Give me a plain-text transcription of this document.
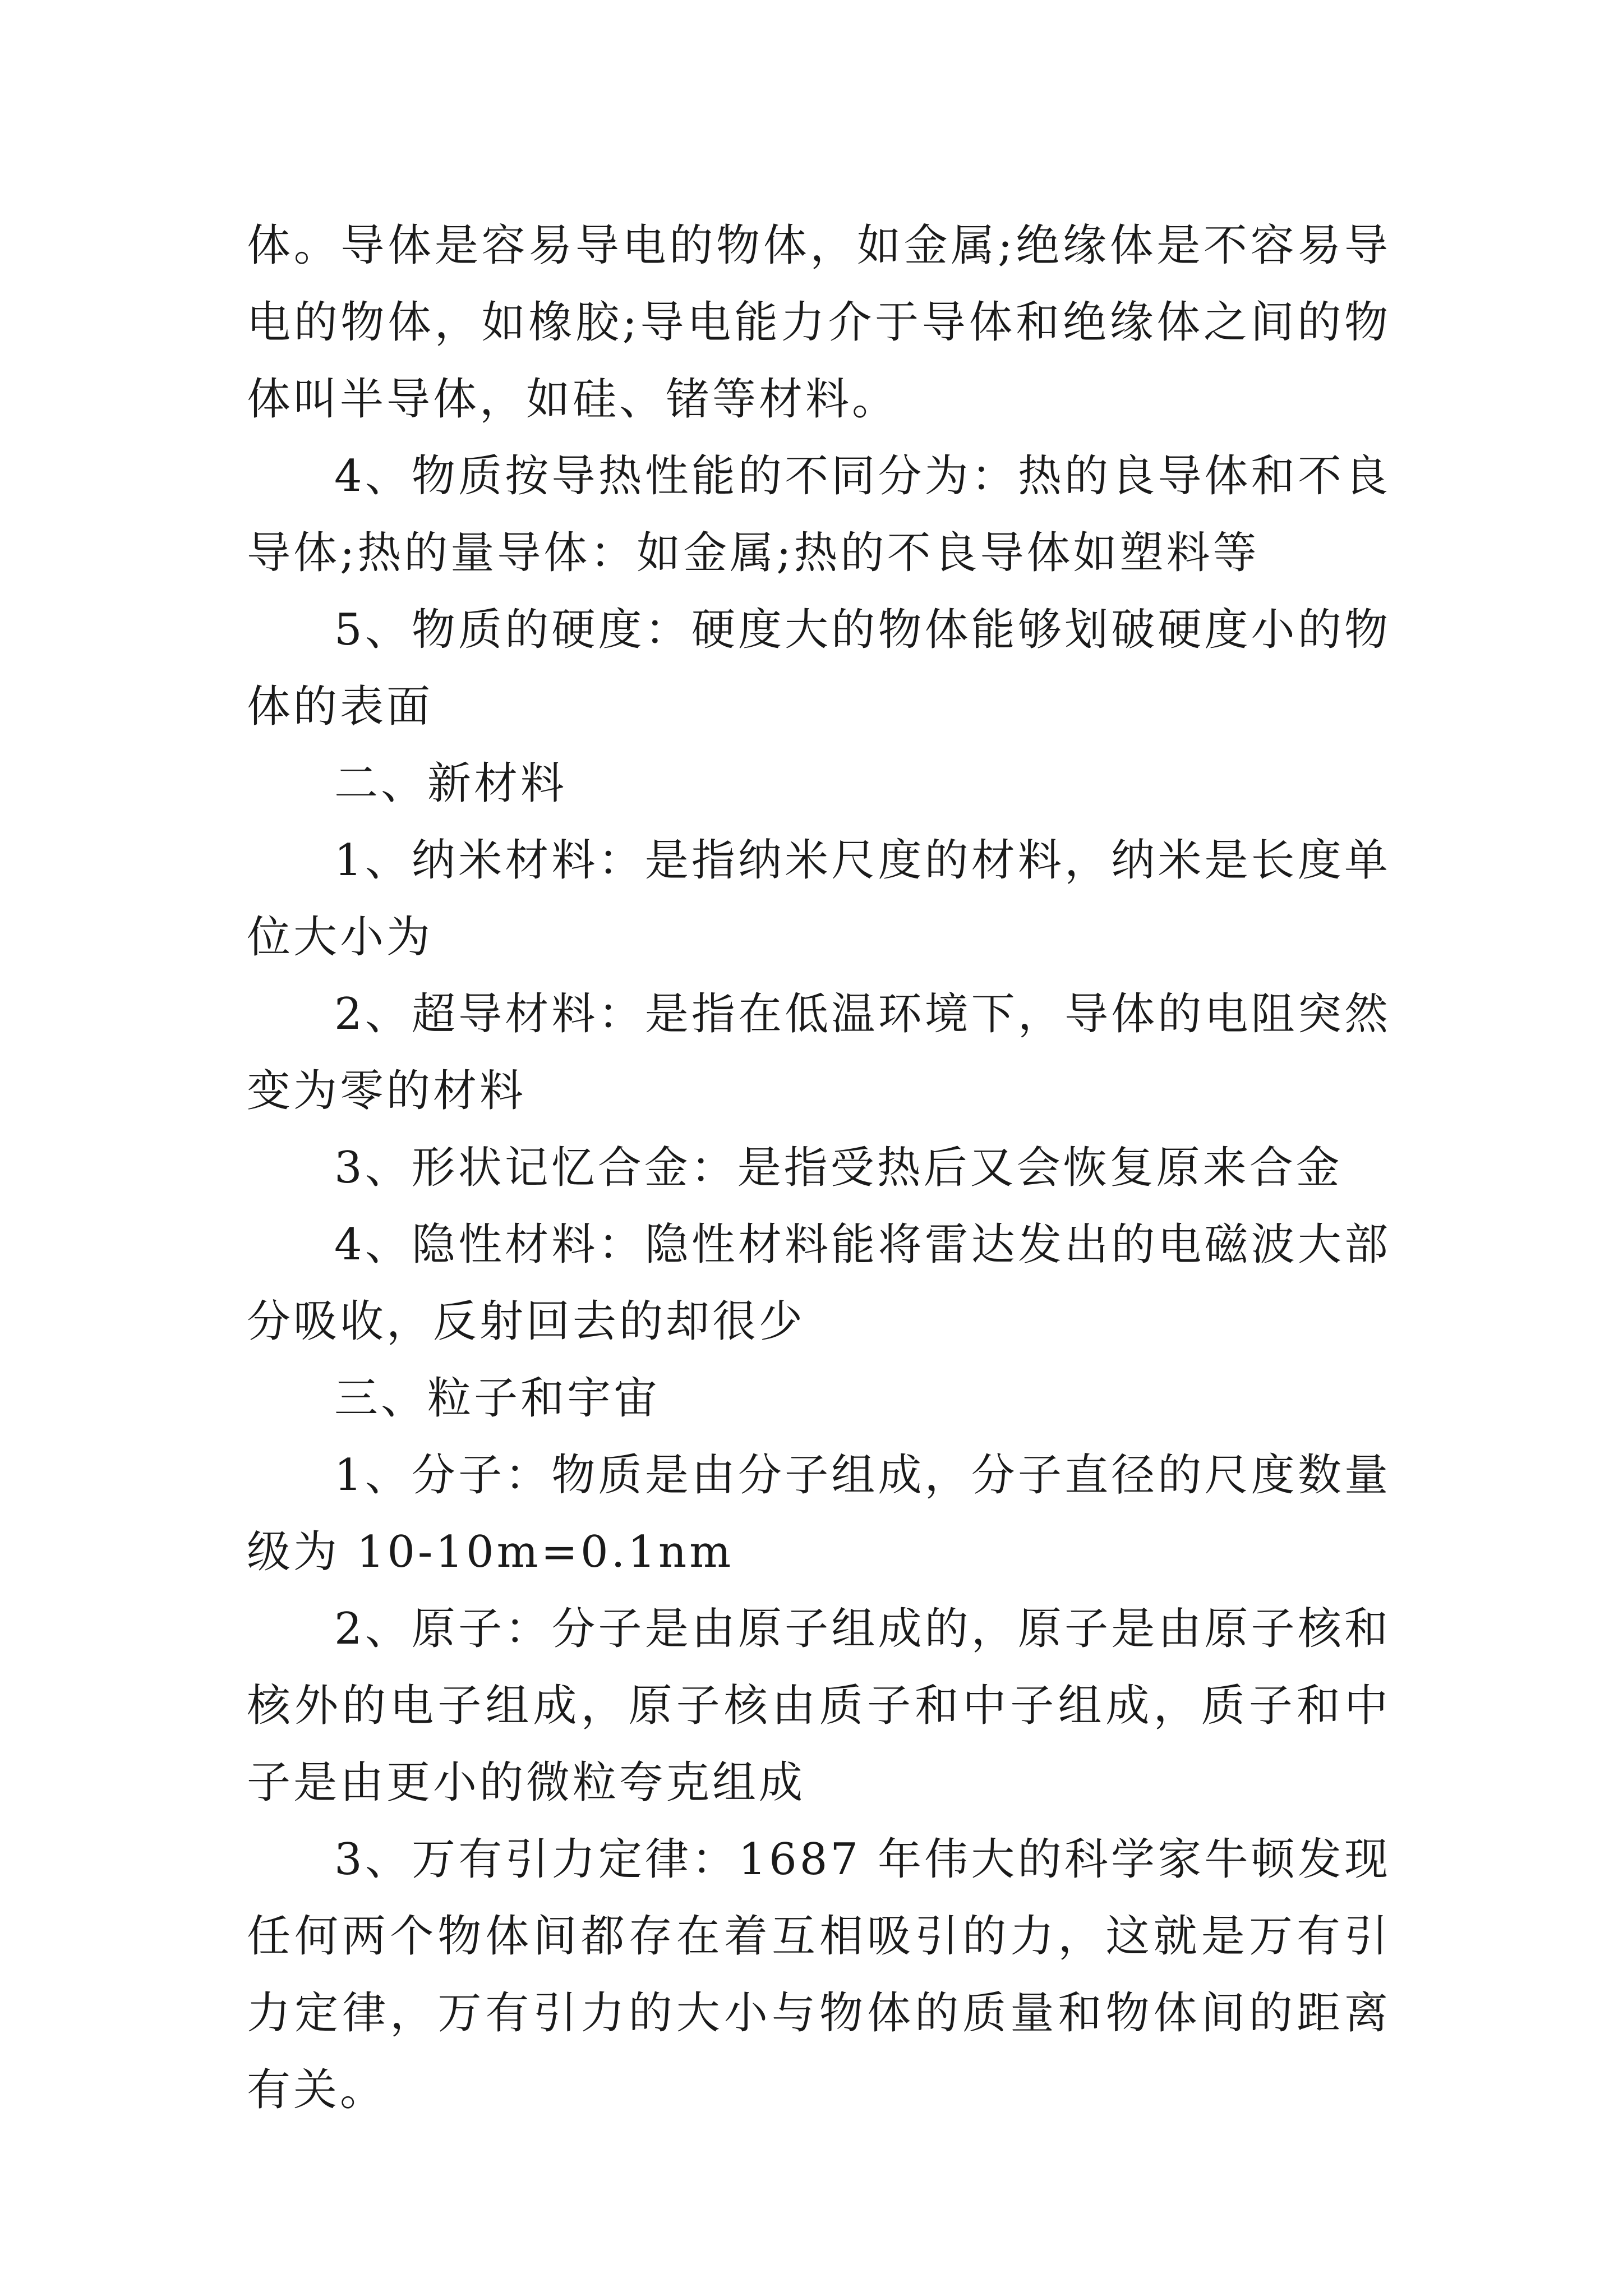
体。导体是容易导电的物体，如金属;绝缘体是不容易导电的物体，如橡胶;导电能力介于导体和绝缘体之间的物体叫半导体，如硅、锗等材料。

4、物质按导热性能的不同分为：热的良导体和不良导体;热的量导体：如金属;热的不良导体如塑料等

5、物质的硬度：硬度大的物体能够划破硬度小的物体的表面

二、新材料

1、纳米材料：是指纳米尺度的材料，纳米是长度单位大小为

2、超导材料：是指在低温环境下，导体的电阻突然变为零的材料

3、形状记忆合金：是指受热后又会恢复原来合金

4、隐性材料：隐性材料能将雷达发出的电磁波大部分吸收，反射回去的却很少

三、粒子和宇宙

1、分子：物质是由分子组成，分子直径的尺度数量级为 10-10m=0.1nm

2、原子：分子是由原子组成的，原子是由原子核和核外的电子组成，原子核由质子和中子组成，质子和中子是由更小的微粒夸克组成

3、万有引力定律：1687 年伟大的科学家牛顿发现任何两个物体间都存在着互相吸引的力，这就是万有引力定律，万有引力的大小与物体的质量和物体间的距离有关。
